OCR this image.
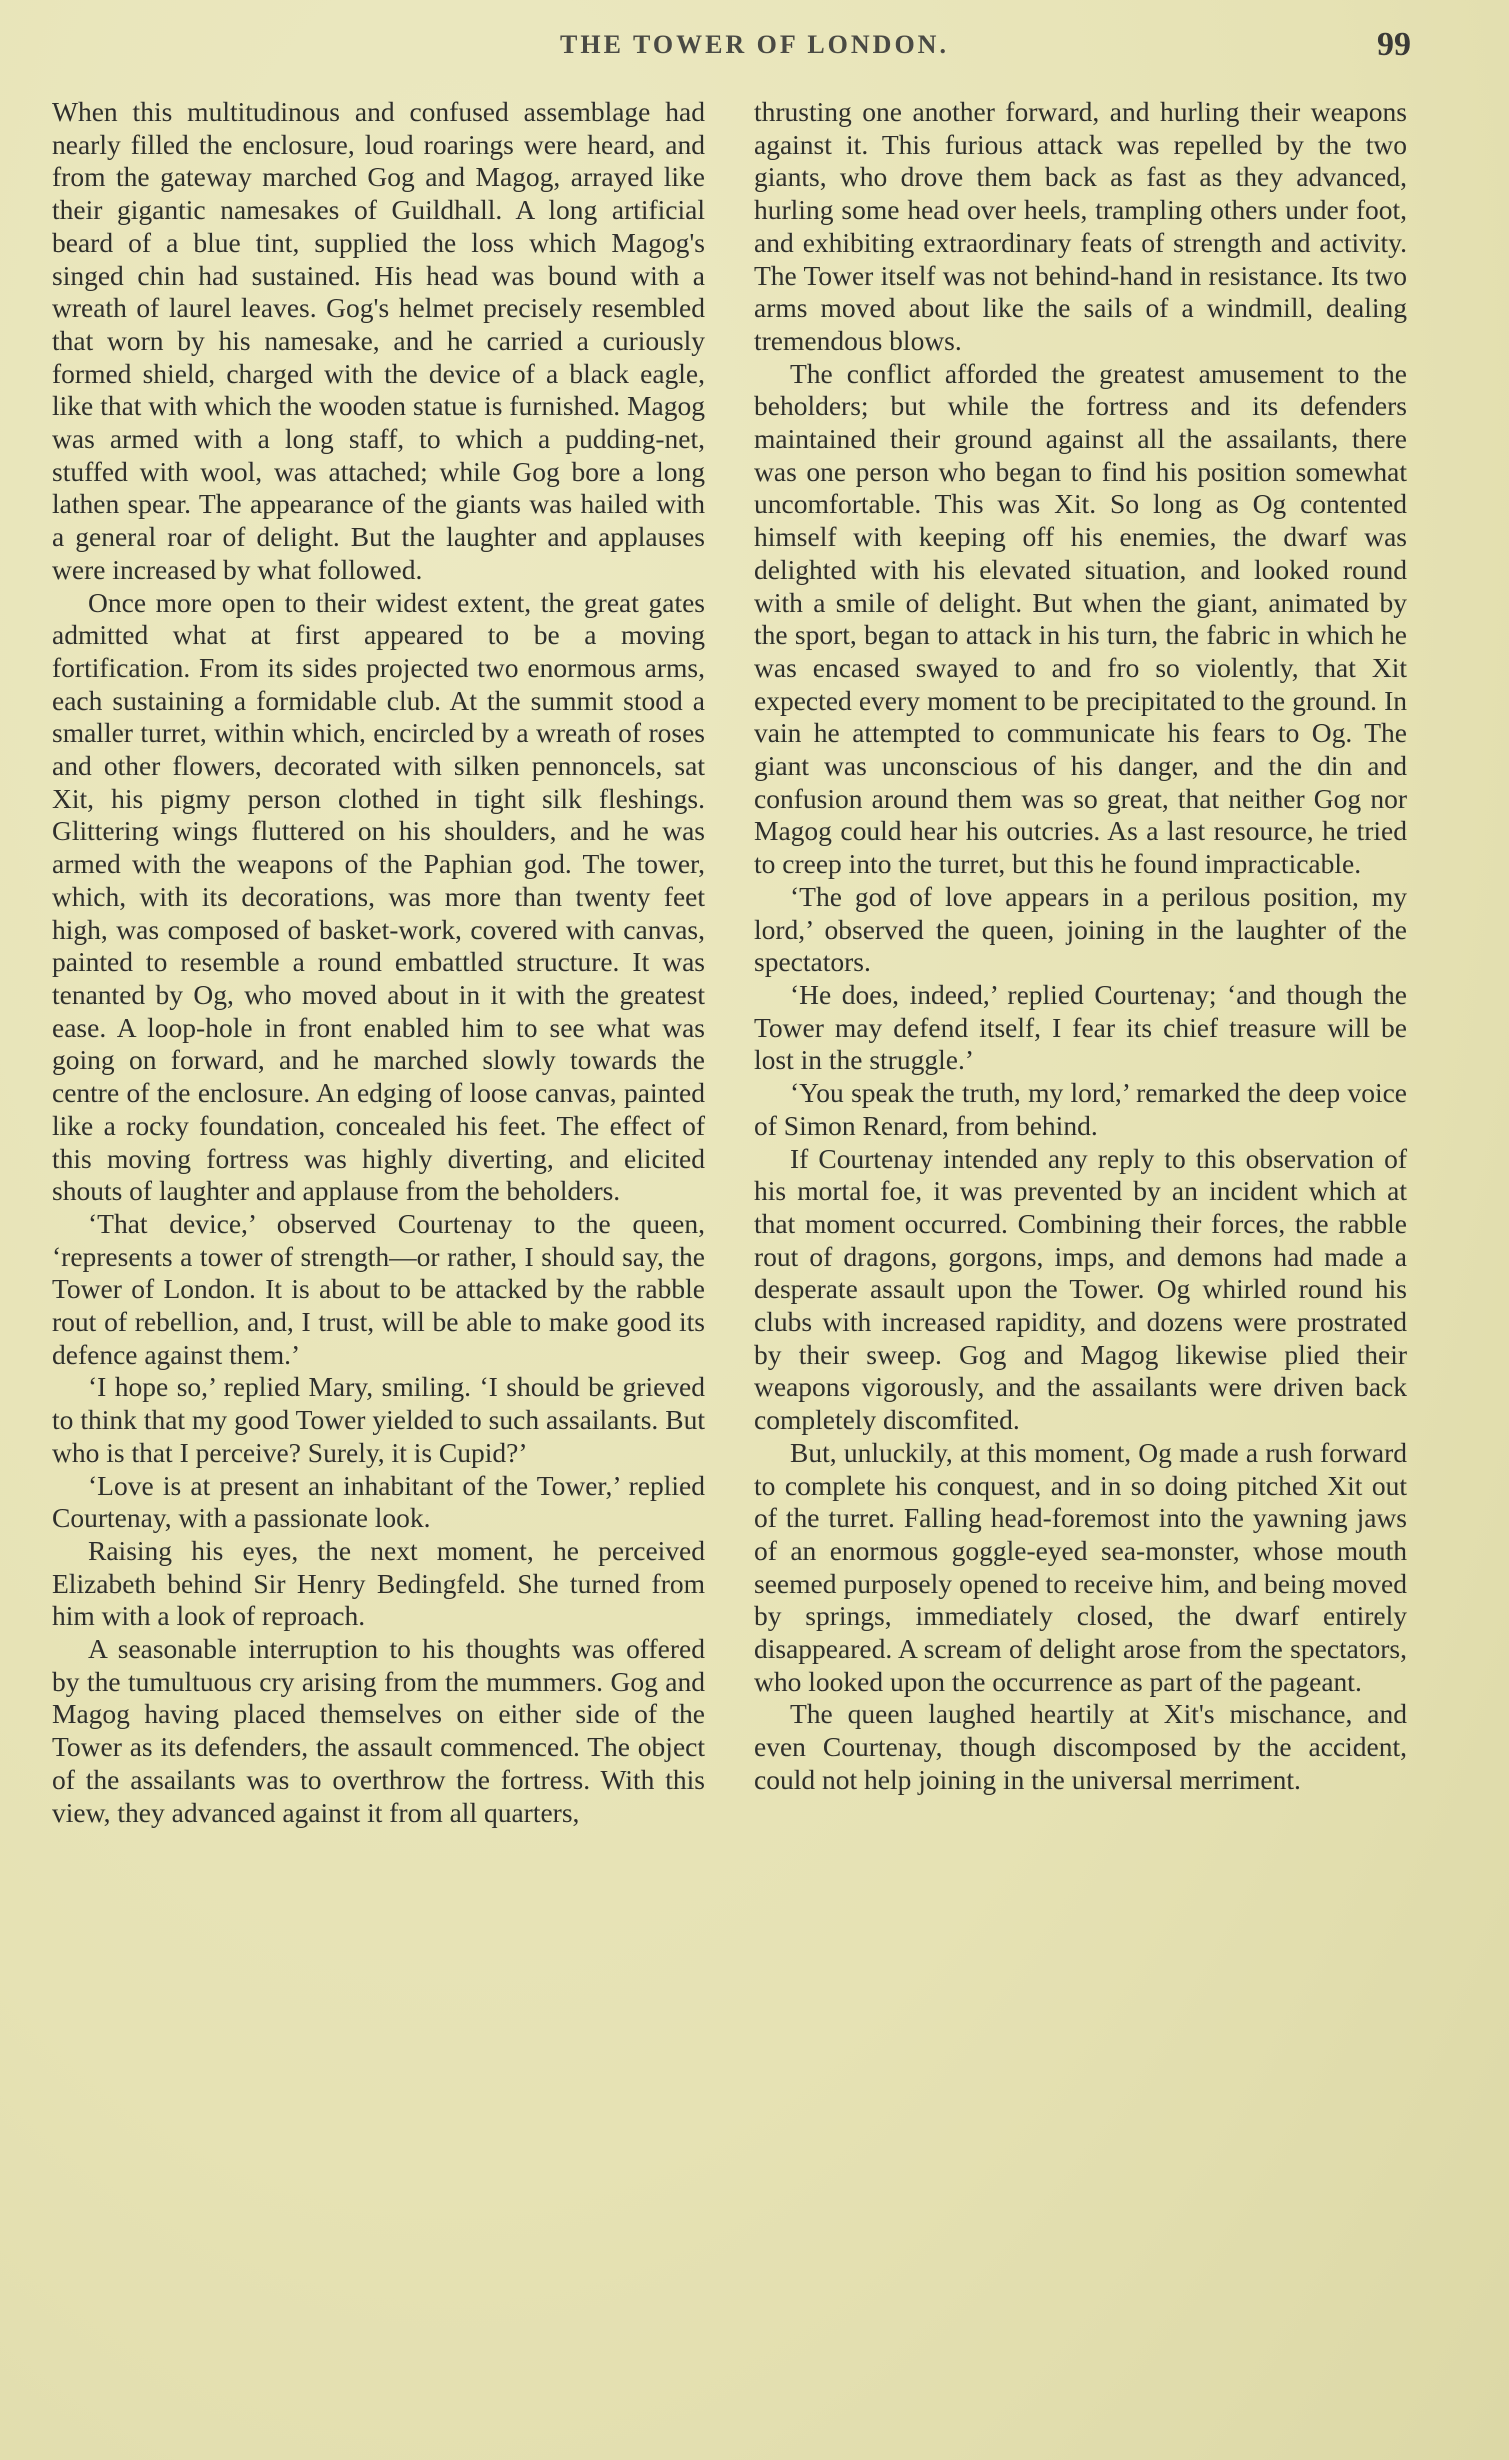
THE TOWER OF LONDON.	99

When this multitudinous and confused assemblage had nearly filled the enclosure, loud roarings were heard, and from the gateway marched Gog and Magog, arrayed like their gigantic namesakes of Guildhall. A long artificial beard of a blue tint, supplied the loss which Magog's singed chin had sustained. His head was bound with a wreath of laurel leaves. Gog's helmet precisely resembled that worn by his namesake, and he carried a curiously formed shield, charged with the device of a black eagle, like that with which the wooden statue is furnished. Magog was armed with a long staff, to which a pudding-net, stuffed with wool, was attached; while Gog bore a long lathen spear. The appearance of the giants was hailed with a general roar of delight. But the laughter and applauses were increased by what followed.

Once more open to their widest extent, the great gates admitted what at first appeared to be a moving fortification. From its sides projected two enormous arms, each sustaining a formidable club. At the summit stood a smaller turret, within which, encircled by a wreath of roses and other flowers, decorated with silken pennoncels, sat Xit, his pigmy person clothed in tight silk fleshings. Glittering wings fluttered on his shoulders, and he was armed with the weapons of the Paphian god. The tower, which, with its decorations, was more than twenty feet high, was composed of basket-work, covered with canvas, painted to resemble a round embattled structure. It was tenanted by Og, who moved about in it with the greatest ease. A loop-hole in front enabled him to see what was going on forward, and he marched slowly towards the centre of the enclosure. An edging of loose canvas, painted like a rocky foundation, concealed his feet. The effect of this moving fortress was highly diverting, and elicited shouts of laughter and applause from the beholders.

‘That device,’ observed Courtenay to the queen, ‘represents a tower of strength—or rather, I should say, the Tower of London. It is about to be attacked by the rabble rout of rebellion, and, I trust, will be able to make good its defence against them.’

‘I hope so,’ replied Mary, smiling. ‘I should be grieved to think that my good Tower yielded to such assailants. But who is that I perceive? Surely, it is Cupid?’

‘Love is at present an inhabitant of the Tower,’ replied Courtenay, with a passionate look.

Raising his eyes, the next moment, he perceived Elizabeth behind Sir Henry Bedingfeld. She turned from him with a look of reproach.

A seasonable interruption to his thoughts was offered by the tumultuous cry arising from the mummers. Gog and Magog having placed themselves on either side of the Tower as its defenders, the assault commenced. The object of the assailants was to overthrow the fortress. With this view, they advanced against it from all quarters,

thrusting one another forward, and hurling their weapons against it. This furious attack was repelled by the two giants, who drove them back as fast as they advanced, hurling some head over heels, trampling others under foot, and exhibiting extraordinary feats of strength and activity. The Tower itself was not behind-hand in resistance. Its two arms moved about like the sails of a windmill, dealing tremendous blows.

The conflict afforded the greatest amusement to the beholders; but while the fortress and its defenders maintained their ground against all the assailants, there was one person who began to find his position somewhat uncomfortable. This was Xit. So long as Og contented himself with keeping off his enemies, the dwarf was delighted with his elevated situation, and looked round with a smile of delight. But when the giant, animated by the sport, began to attack in his turn, the fabric in which he was encased swayed to and fro so violently, that Xit expected every moment to be precipitated to the ground. In vain he attempted to communicate his fears to Og. The giant was unconscious of his danger, and the din and confusion around them was so great, that neither Gog nor Magog could hear his outcries. As a last resource, he tried to creep into the turret, but this he found impracticable.

‘The god of love appears in a perilous position, my lord,’ observed the queen, joining in the laughter of the spectators.

‘He does, indeed,’ replied Courtenay; ‘and though the Tower may defend itself, I fear its chief treasure will be lost in the struggle.’

‘You speak the truth, my lord,’ remarked the deep voice of Simon Renard, from behind.

If Courtenay intended any reply to this observation of his mortal foe, it was prevented by an incident which at that moment occurred. Combining their forces, the rabble rout of dragons, gorgons, imps, and demons had made a desperate assault upon the Tower. Og whirled round his clubs with increased rapidity, and dozens were prostrated by their sweep. Gog and Magog likewise plied their weapons vigorously, and the assailants were driven back completely discomfited.

But, unluckily, at this moment, Og made a rush forward to complete his conquest, and in so doing pitched Xit out of the turret. Falling head-foremost into the yawning jaws of an enormous goggle-eyed sea-monster, whose mouth seemed purposely opened to receive him, and being moved by springs, immediately closed, the dwarf entirely disappeared. A scream of delight arose from the spectators, who looked upon the occurrence as part of the pageant.

The queen laughed heartily at Xit's mischance, and even Courtenay, though discomposed by the accident, could not help joining in the universal merriment.
